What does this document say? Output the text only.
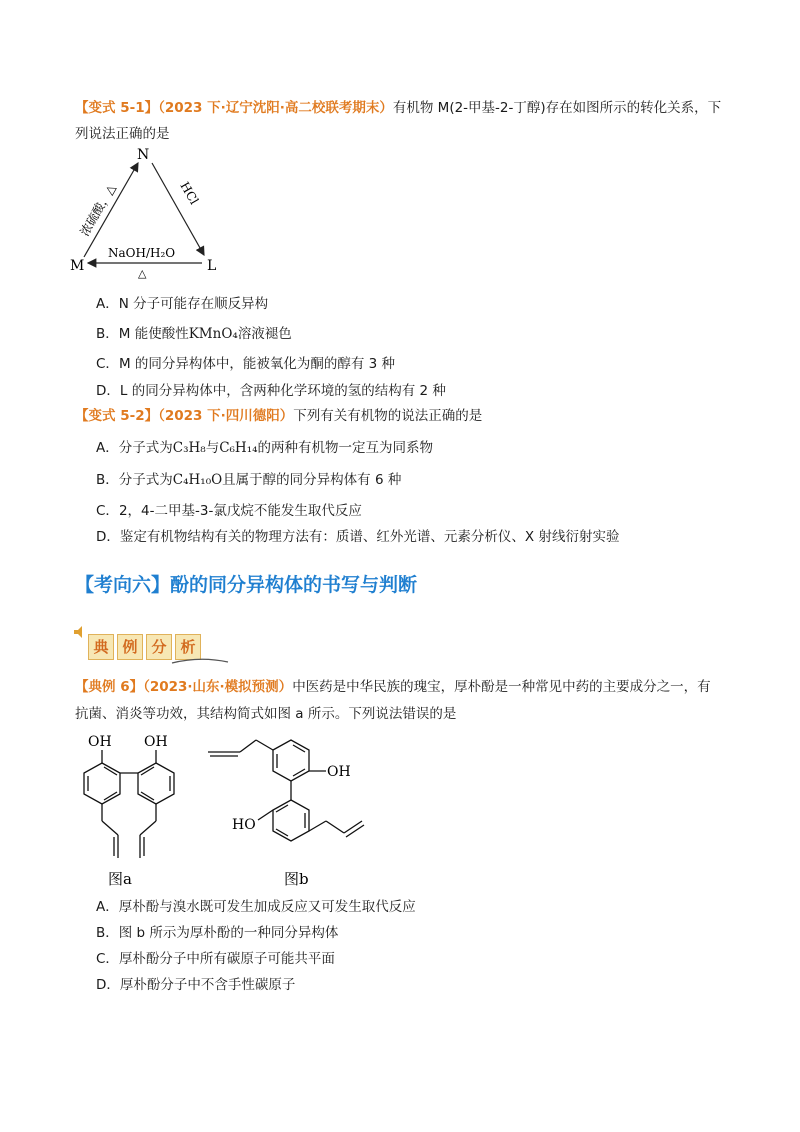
【变式 5-1】（2023 下·辽宁沈阳·高二校联考期末）有机物 M(2-甲基-2-丁醇)存在如图所示的转化关系，下
列说法正确的是
N
M	L
浓硫酸，△	HCl
NaOH/H₂O
△
A．N 分子可能存在顺反异构
B．M 能使酸性KMnO₄溶液褪色
C．M 的同分异构体中，能被氧化为酮的醇有 3 种
D．L 的同分异构体中，含两种化学环境的氢的结构有 2 种
【变式 5-2】（2023 下·四川德阳）下列有关有机物的说法正确的是
A．分子式为C₃H₈与C₆H₁₄的两种有机物一定互为同系物
B．分子式为C₄H₁₀O且属于醇的同分异构体有 6 种
C．2，4-二甲基-3-氯戊烷不能发生取代反应
D．鉴定有机物结构有关的物理方法有：质谱、红外光谱、元素分析仪、X 射线衍射实验
【考向六】酚的同分异构体的书写与判断
典 例 分 析
【典例 6】（2023·山东·模拟预测）中医药是中华民族的瑰宝，厚朴酚是一种常见中药的主要成分之一，有
抗菌、消炎等功效，其结构简式如图 a 所示。下列说法错误的是
OH OH
图a
OH
HO
图b
A．厚朴酚与溴水既可发生加成反应又可发生取代反应
B．图 b 所示为厚朴酚的一种同分异构体
C．厚朴酚分子中所有碳原子可能共平面
D．厚朴酚分子中不含手性碳原子
